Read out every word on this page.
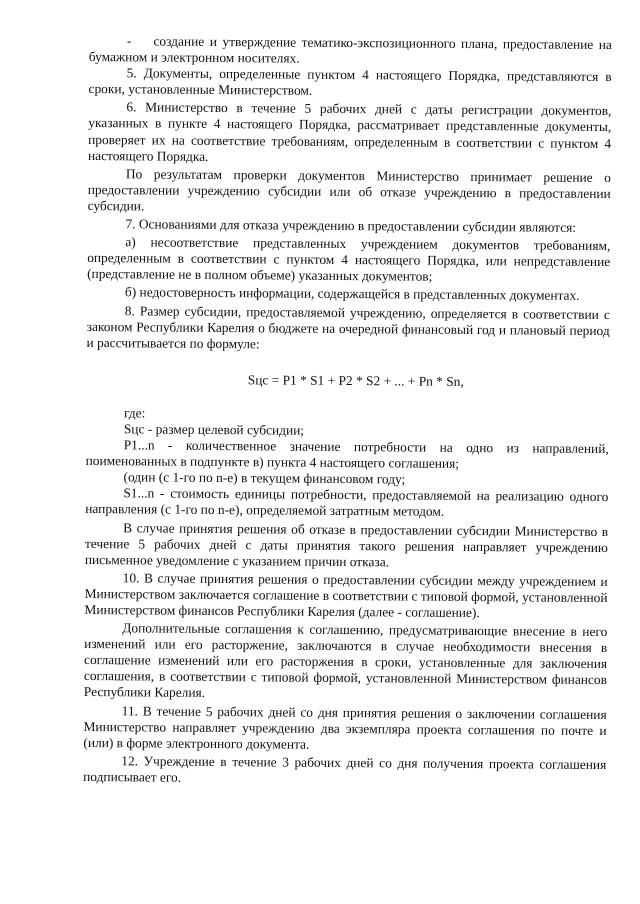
-    создание и утверждение тематико-экспозиционного плана, предоставление на бумажном и электронном носителях.

5. Документы, определенные пунктом 4 настоящего Порядка, представляются в сроки, установленные Министерством.

6. Министерство в течение 5 рабочих дней с даты регистрации документов, указанных в пункте 4 настоящего Порядка, рассматривает представленные документы, проверяет их на соответствие требованиям, определенным в соответствии с пунктом 4 настоящего Порядка.

По результатам проверки документов Министерство принимает решение о предоставлении учреждению субсидии или об отказе учреждению в предоставлении субсидии.

7. Основаниями для отказа учреждению в предоставлении субсидии являются:

а) несоответствие представленных учреждением документов требованиям, определенным в соответствии с пунктом 4 настоящего Порядка, или непредставление (представление не в полном объеме) указанных документов;

б) недостоверность информации, содержащейся в представленных документах.

8. Размер субсидии, предоставляемой учреждению, определяется в соответствии с законом Республики Карелия о бюджете на очередной финансовый год и плановый период и рассчитывается по формуле:

Sцс = P1 * S1 + P2 * S2 + ... + Pn * Sn,

где:

Sцс - размер целевой субсидии;

P1...n - количественное значение потребности на одно из направлений, поименованных в подпункте в) пункта 4 настоящего соглашения;

(один (с 1-го по n-е) в текущем финансовом году;

S1...n - стоимость единицы потребности, предоставляемой на реализацию одного направления (с 1-го по n-е), определяемой затратным методом.

В случае принятия решения об отказе в предоставлении субсидии Министерство в течение 5 рабочих дней с даты принятия такого решения направляет учреждению письменное уведомление с указанием причин отказа.

10. В случае принятия решения о предоставлении субсидии между учреждением и Министерством заключается соглашение в соответствии с типовой формой, установленной Министерством финансов Республики Карелия (далее - соглашение).

Дополнительные соглашения к соглашению, предусматривающие внесение в него изменений или его расторжение, заключаются в случае необходимости внесения в соглашение изменений или его расторжения в сроки, установленные для заключения соглашения, в соответствии с типовой формой, установленной Министерством финансов Республики Карелия.

11. В течение 5 рабочих дней со дня принятия решения о заключении соглашения Министерство направляет учреждению два экземпляра проекта соглашения по почте и (или) в форме электронного документа.

12. Учреждение в течение 3 рабочих дней со дня получения проекта соглашения подписывает его.
